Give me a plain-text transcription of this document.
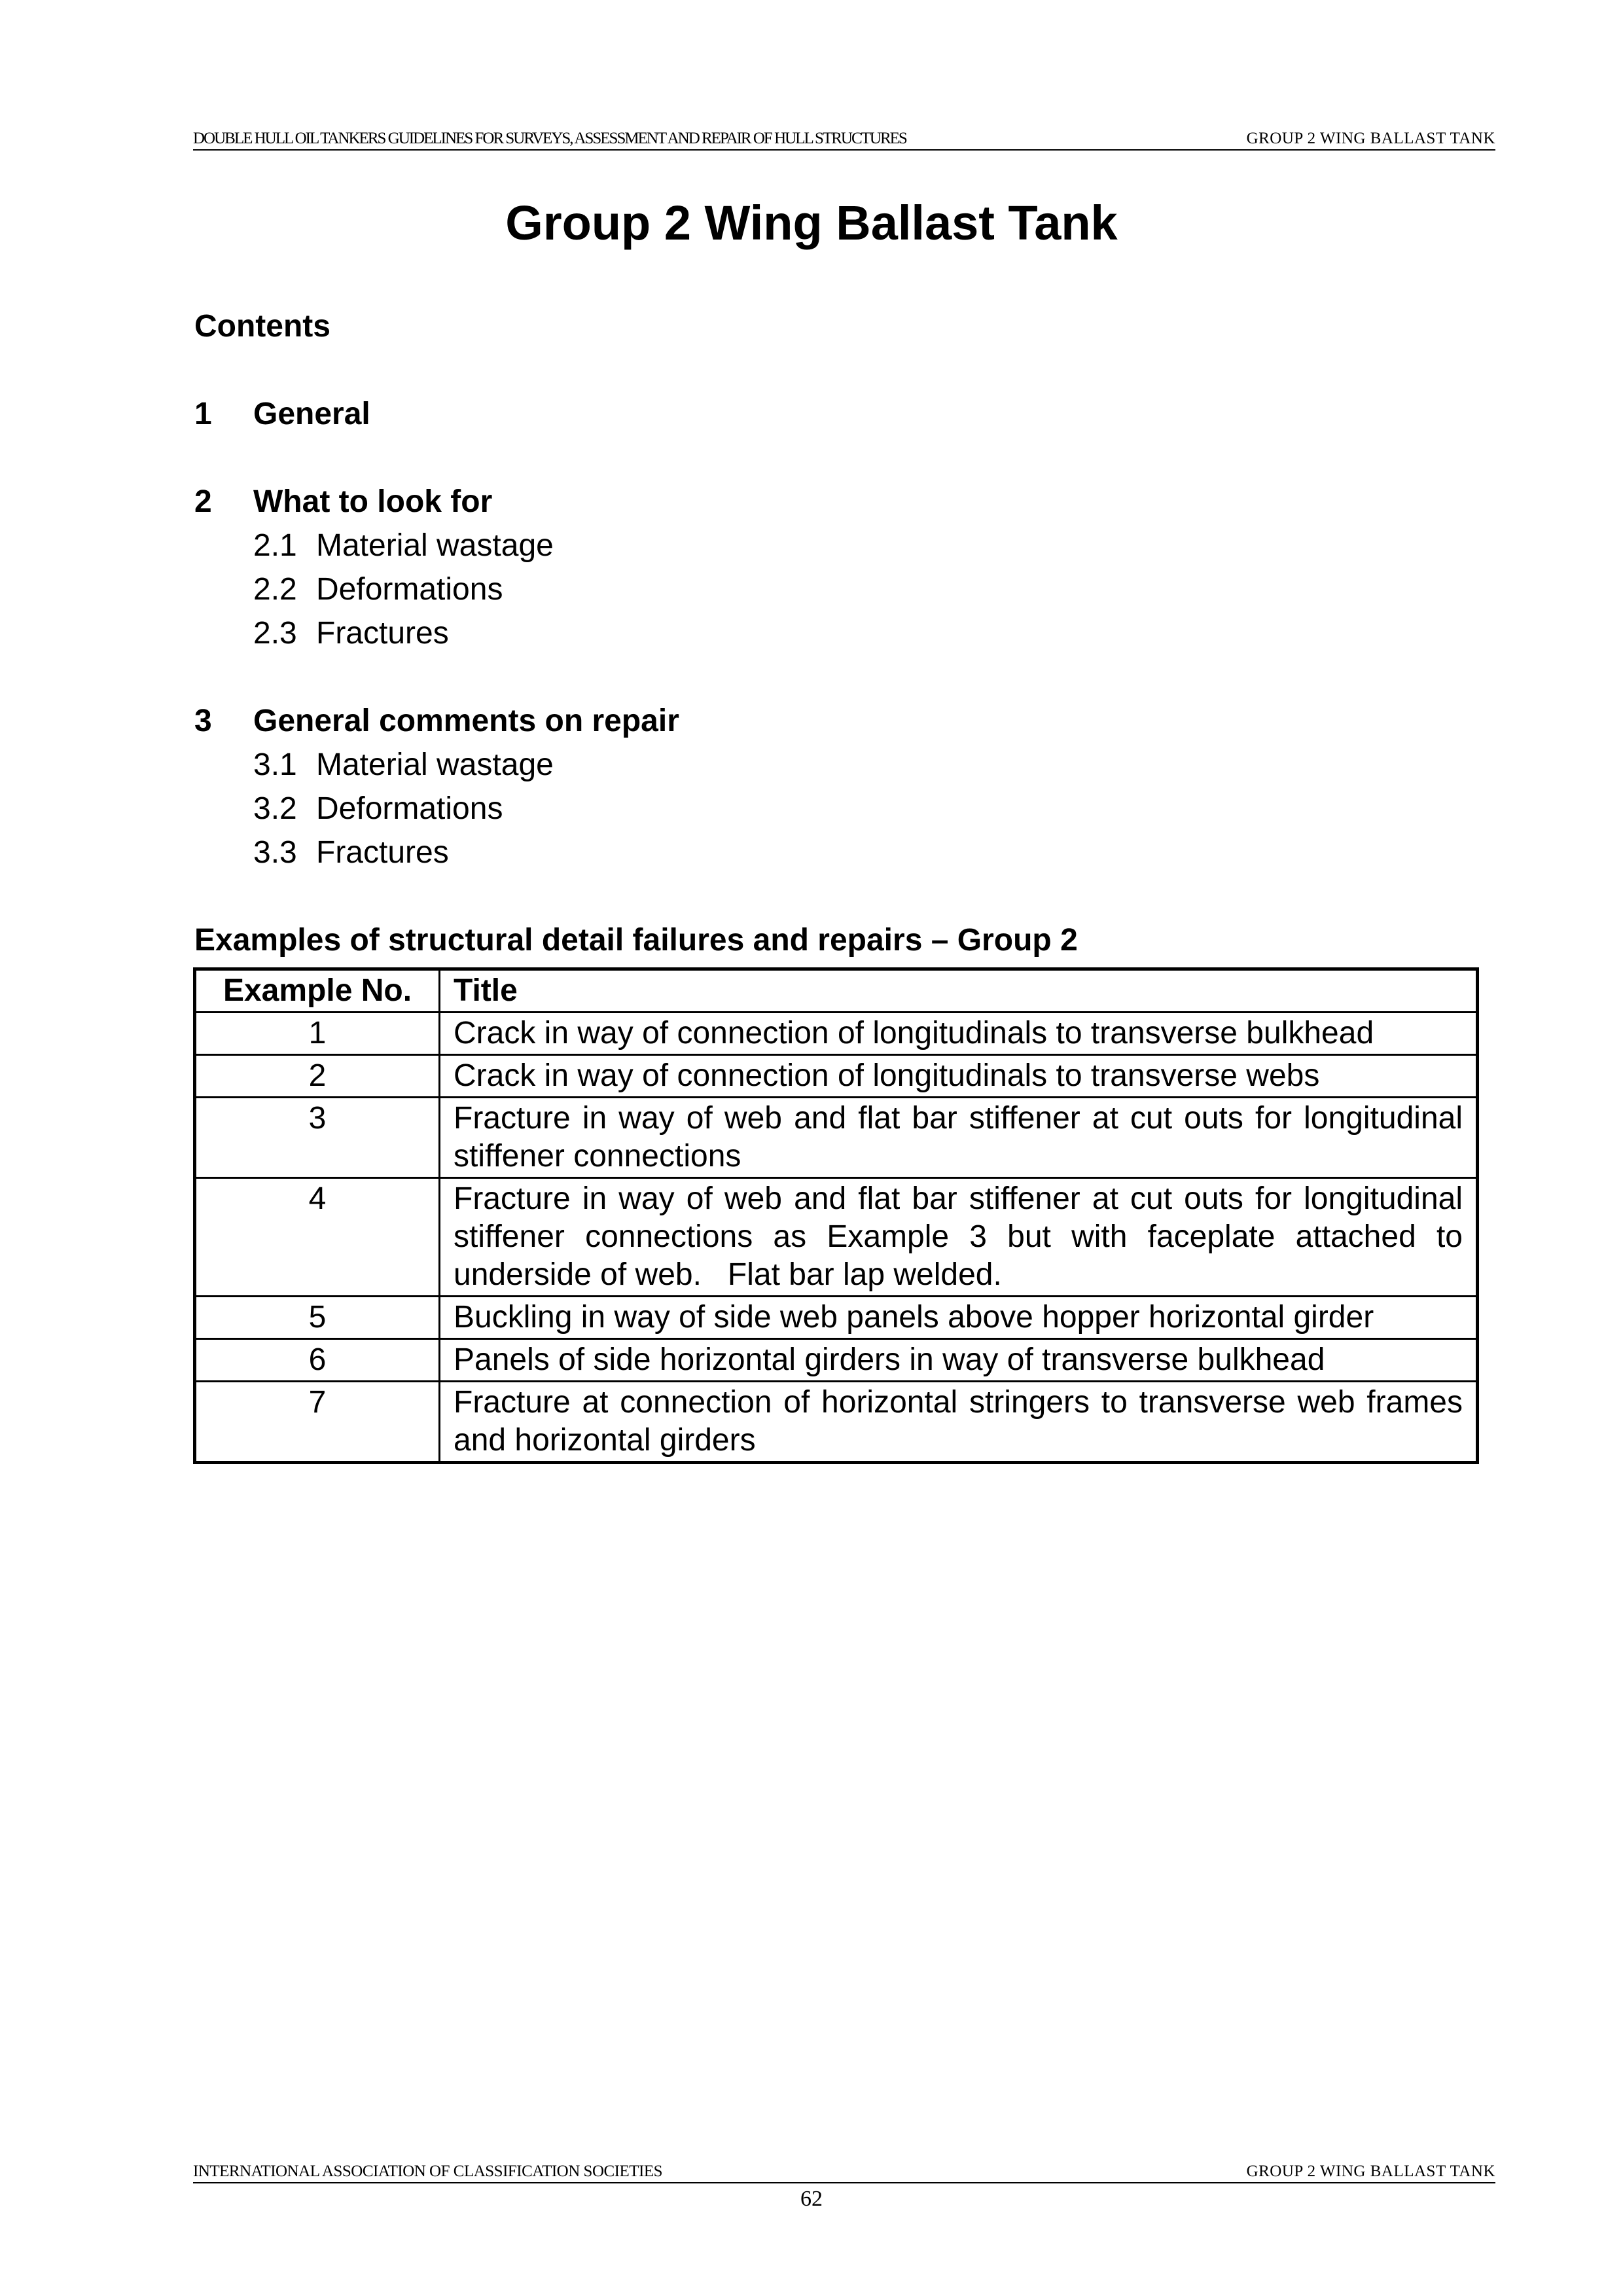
DOUBLE HULL OIL TANKERS GUIDELINES FOR SURVEYS, ASSESSMENT AND REPAIR OF HULL STRUCTURES	GROUP 2 WING BALLAST TANK
Group 2 Wing Ballast Tank
Contents
1 General
2 What to look for
2.1 Material wastage
2.2 Deformations
2.3 Fractures
3 General comments on repair
3.1 Material wastage
3.2 Deformations
3.3 Fractures
Examples of structural detail failures and repairs – Group 2
Example No.	Title
1	Crack in way of connection of longitudinals to transverse bulkhead
2	Crack in way of connection of longitudinals to transverse webs
3	Fracture in way of web and flat bar stiffener at cut outs for longitudinal stiffener connections
4	Fracture in way of web and flat bar stiffener at cut outs for longitudinal stiffener connections as Example 3 but with faceplate attached to underside of web.   Flat bar lap welded.
5	Buckling in way of side web panels above hopper horizontal girder
6	Panels of side horizontal girders in way of transverse bulkhead
7	Fracture at connection of horizontal stringers to transverse web frames and horizontal girders
INTERNATIONAL ASSOCIATION OF CLASSIFICATION SOCIETIES	GROUP 2 WING BALLAST TANK
62
